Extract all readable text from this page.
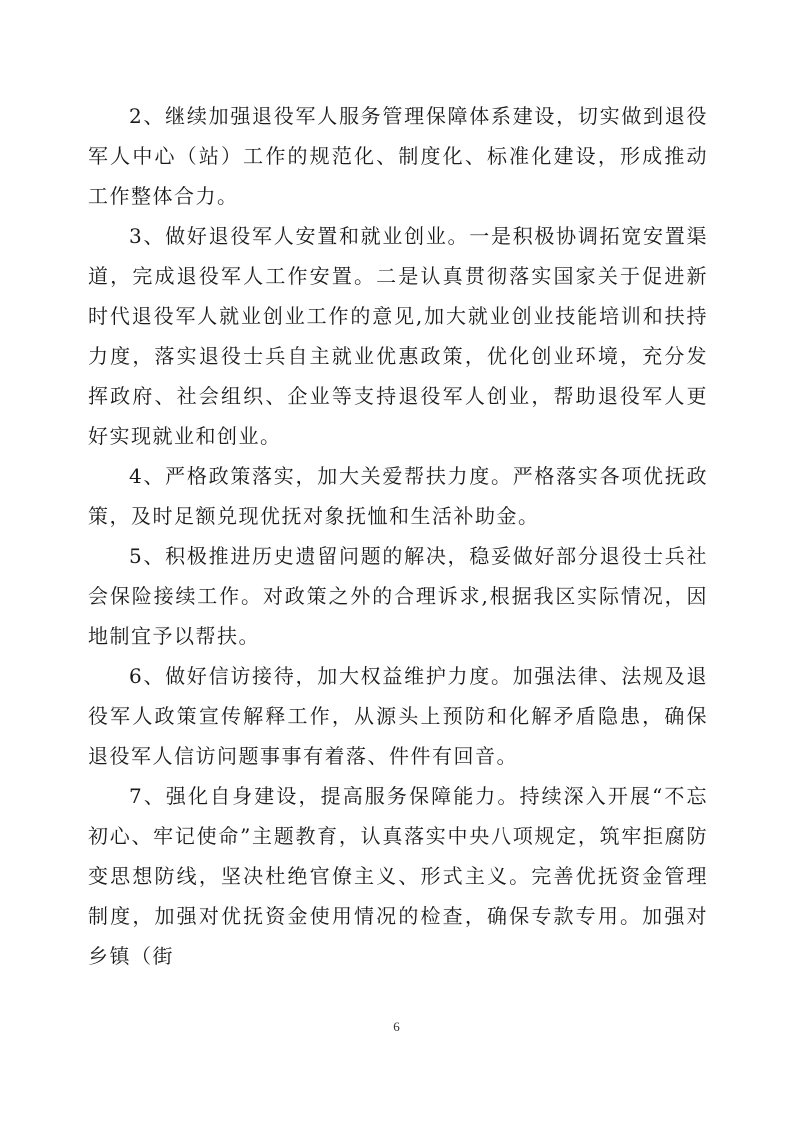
2、继续加强退役军人服务管理保障体系建设，切实做到退役军人中心（站）工作的规范化、制度化、标准化建设，形成推动工作整体合力。

3、做好退役军人安置和就业创业。一是积极协调拓宽安置渠道，完成退役军人工作安置。二是认真贯彻落实国家关于促进新时代退役军人就业创业工作的意见,加大就业创业技能培训和扶持力度，落实退役士兵自主就业优惠政策，优化创业环境，充分发挥政府、社会组织、企业等支持退役军人创业，帮助退役军人更好实现就业和创业。

4、严格政策落实，加大关爱帮扶力度。严格落实各项优抚政策，及时足额兑现优抚对象抚恤和生活补助金。

5、积极推进历史遗留问题的解决，稳妥做好部分退役士兵社会保险接续工作。对政策之外的合理诉求,根据我区实际情况，因地制宜予以帮扶。

6、做好信访接待，加大权益维护力度。加强法律、法规及退役军人政策宣传解释工作，从源头上预防和化解矛盾隐患，确保退役军人信访问题事事有着落、件件有回音。

7、强化自身建设，提高服务保障能力。持续深入开展“不忘初心、牢记使命”主题教育，认真落实中央八项规定，筑牢拒腐防变思想防线，坚决杜绝官僚主义、形式主义。完善优抚资金管理制度，加强对优抚资金使用情况的检查，确保专款专用。加强对乡镇（街

6
